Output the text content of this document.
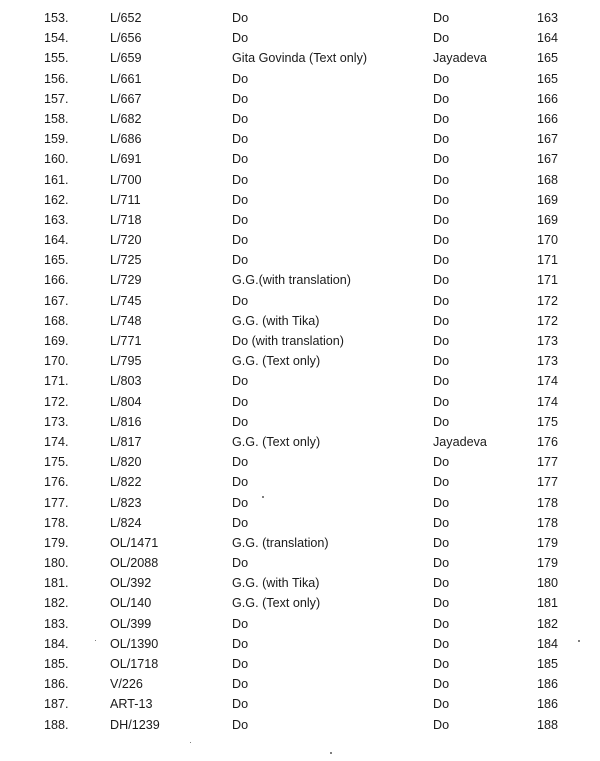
153.	L/652	Do	Do	163
154.	L/656	Do	Do	164
155.	L/659	Gita Govinda (Text only)	Jayadeva	165
156.	L/661	Do	Do	165
157.	L/667	Do	Do	166
158.	L/682	Do	Do	166
159.	L/686	Do	Do	167
160.	L/691	Do	Do	167
161.	L/700	Do	Do	168
162.	L/711	Do	Do	169
163.	L/718	Do	Do	169
164.	L/720	Do	Do	170
165.	L/725	Do	Do	171
166.	L/729	G.G.(with translation)	Do	171
167.	L/745	Do	Do	172
168.	L/748	G.G. (with Tika)	Do	172
169.	L/771	Do (with translation)	Do	173
170.	L/795	G.G. (Text only)	Do	173
171.	L/803	Do	Do	174
172.	L/804	Do	Do	174
173.	L/816	Do	Do	175
174.	L/817	G.G. (Text only)	Jayadeva	176
175.	L/820	Do	Do	177
176.	L/822	Do	Do	177
177.	L/823	Do	Do	178
178.	L/824	Do	Do	178
179.	OL/1471	G.G. (translation)	Do	179
180.	OL/2088	Do	Do	179
181.	OL/392	G.G. (with Tika)	Do	180
182.	OL/140	G.G. (Text only)	Do	181
183.	OL/399	Do	Do	182
184.	OL/1390	Do	Do	184
185.	OL/1718	Do	Do	185
186.	V/226	Do	Do	186
187.	ART-13	Do	Do	186
188.	DH/1239	Do	Do	188
